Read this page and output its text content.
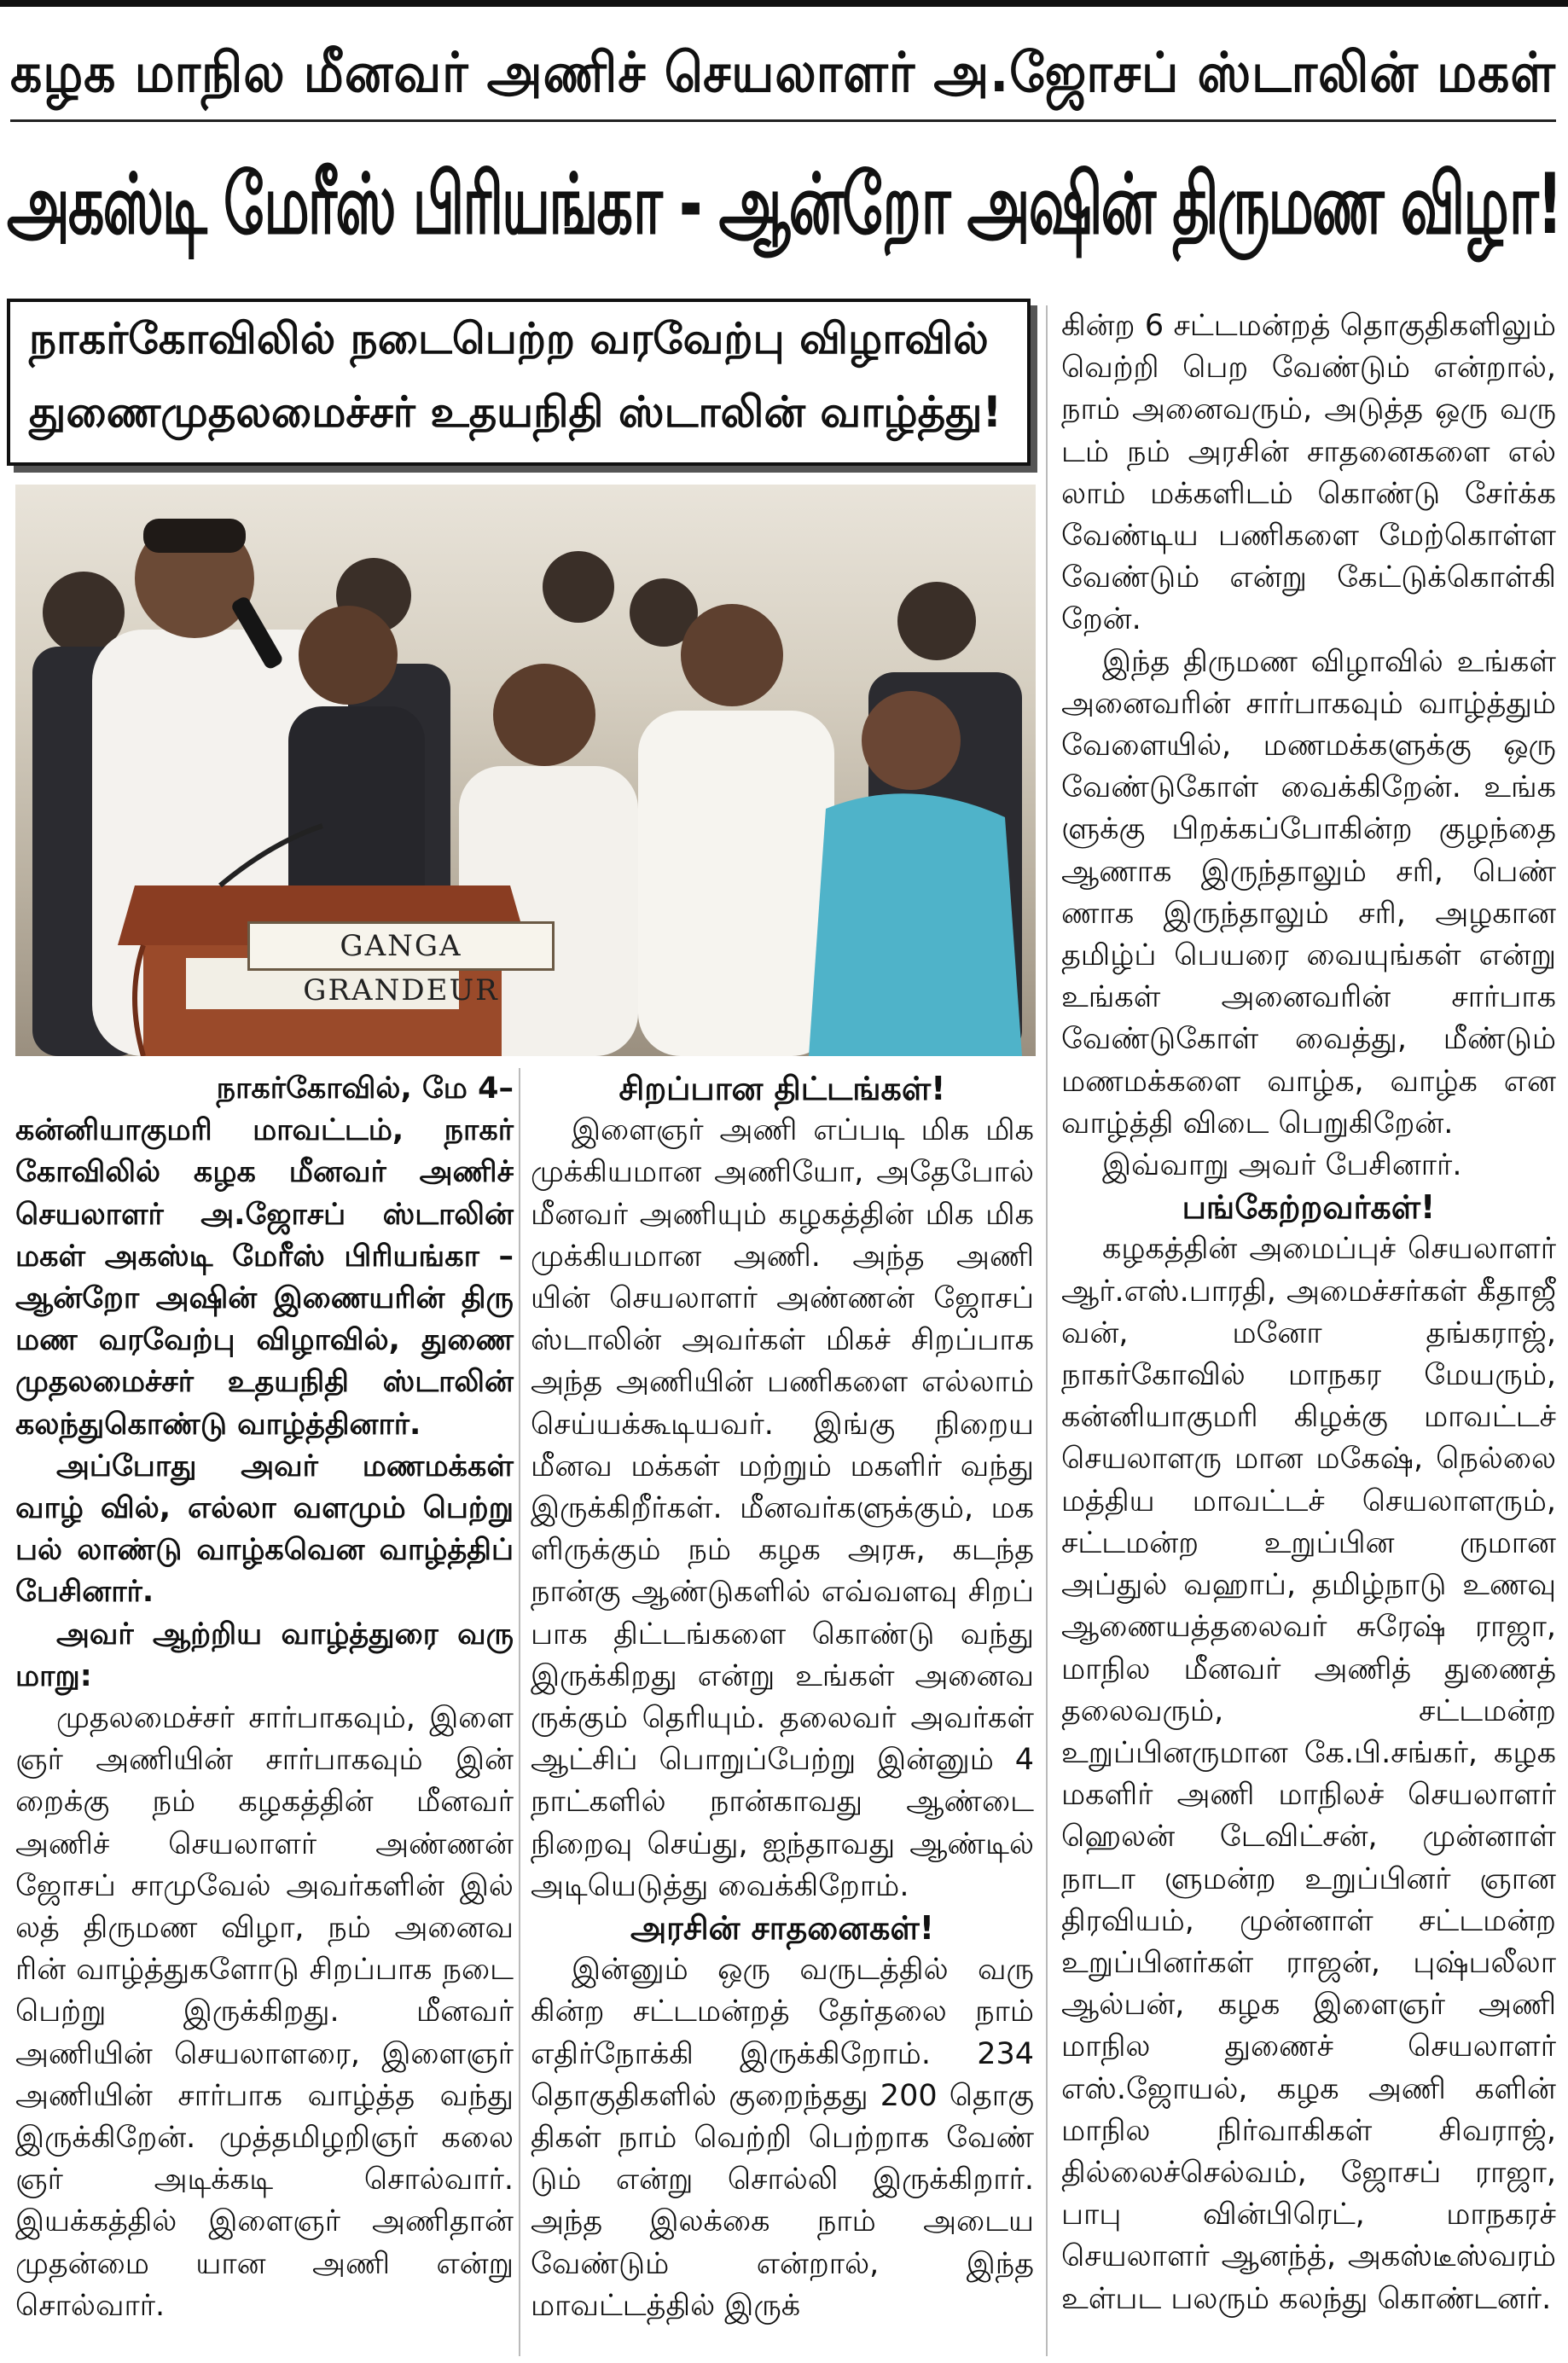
கழக மாநில மீனவர் அணிச் செயலாளர் அ.ஜோசப் ஸ்டாலின் மகள்
அகஸ்டி மேரீஸ் பிரியங்கா - ஆன்றோ அஷின் திருமண விழா!
நாகர்கோவிலில் நடைபெற்ற வரவேற்பு விழாவில்
துணைமுதலமைச்சர் உதயநிதி ஸ்டாலின் வாழ்த்து!
GANGA GRANDEUR

நாகர்கோவில், மே 4–

கன்னியாகுமரி மாவட்டம், நாகர் கோவிலில் கழக மீனவர் அணிச் செயலாளர் அ.ஜோசப் ஸ்டாலின் மகள் அகஸ்டி மேரீஸ் பிரியங்கா – ஆன்றோ அஷின் இணையரின் திரு மண வரவேற்பு விழாவில், துணை முதலமைச்சர் உதயநிதி ஸ்டாலின் கலந்துகொண்டு வாழ்த்தினார்.

அப்போது அவர் மணமக்கள் வாழ் வில், எல்லா வளமும் பெற்று பல் லாண்டு வாழ்கவென வாழ்த்திப் பேசினார்.

அவர் ஆற்றிய வாழ்த்துரை வரு மாறு:

முதலமைச்சர் சார்பாகவும், இளை ஞர் அணியின் சார்பாகவும் இன் றைக்கு நம் கழகத்தின் மீனவர் அணிச் செயலாளர் அண்ணன் ஜோசப் சாமுவேல் அவர்களின் இல் லத் திருமண விழா, நம் அனைவ ரின் வாழ்த்துகளோடு சிறப்பாக நடை பெற்று இருக்கிறது. மீனவர் அணியின் செயலாளரை, இளைஞர் அணியின் சார்பாக வாழ்த்த வந்து இருக்கிறேன். முத்தமிழறிஞர் கலை ஞர் அடிக்கடி சொல்வார். இயக்கத்தில் இளைஞர் அணிதான் முதன்மை யான அணி என்று சொல்வார்.

சிறப்பான திட்டங்கள்!

இளைஞர் அணி எப்படி மிக மிக முக்கியமான அணியோ, அதேபோல் மீனவர் அணியும் கழகத்தின் மிக மிக முக்கியமான அணி. அந்த அணி யின் செயலாளர் அண்ணன் ஜோசப் ஸ்டாலின் அவர்கள் மிகச் சிறப்பாக அந்த அணியின் பணிகளை எல்லாம் செய்யக்கூடியவர். இங்கு நிறைய மீனவ மக்கள் மற்றும் மகளிர் வந்து இருக்கிறீர்கள். மீனவர்களுக்கும், மக ளிருக்கும் நம் கழக அரசு, கடந்த நான்கு ஆண்டுகளில் எவ்வளவு சிறப் பாக திட்டங்களை கொண்டு வந்து இருக்கிறது என்று உங்கள் அனைவ ருக்கும் தெரியும். தலைவர் அவர்கள் ஆட்சிப் பொறுப்பேற்று இன்னும் 4 நாட்களில் நான்காவது ஆண்டை நிறைவு செய்து, ஐந்தாவது ஆண்டில் அடியெடுத்து வைக்கிறோம்.

அரசின் சாதனைகள்!

இன்னும் ஒரு வருடத்தில் வரு கின்ற சட்டமன்றத் தேர்தலை நாம் எதிர்நோக்கி இருக்கிறோம். 234 தொகுதிகளில் குறைந்தது 200 தொகு திகள் நாம் வெற்றி பெற்றாக வேண் டும் என்று சொல்லி இருக்கிறார். அந்த இலக்கை நாம் அடைய வேண்டும் என்றால், இந்த மாவட்டத்தில் இருக்

கின்ற 6 சட்டமன்றத் தொகுதிகளிலும் வெற்றி பெற வேண்டும் என்றால், நாம் அனைவரும், அடுத்த ஒரு வரு டம் நம் அரசின் சாதனைகளை எல் லாம் மக்களிடம் கொண்டு சேர்க்க வேண்டிய பணிகளை மேற்கொள்ள வேண்டும் என்று கேட்டுக்கொள்கி றேன்.

இந்த திருமண விழாவில் உங்கள் அனைவரின் சார்பாகவும் வாழ்த்தும் வேளையில், மணமக்களுக்கு ஒரு வேண்டுகோள் வைக்கிறேன். உங்க ளுக்கு பிறக்கப்போகின்ற குழந்தை ஆணாக இருந்தாலும் சரி, பெண் ணாக இருந்தாலும் சரி, அழகான தமிழ்ப் பெயரை வையுங்கள் என்று உங்கள் அனைவரின் சார்பாக வேண்டுகோள் வைத்து, மீண்டும் மணமக்களை வாழ்க, வாழ்க என வாழ்த்தி விடை பெறுகிறேன்.

இவ்வாறு அவர் பேசினார்.

பங்கேற்றவர்கள்!

கழகத்தின் அமைப்புச் செயலாளர் ஆர்.எஸ்.பாரதி, அமைச்சர்கள் கீதாஜீ வன், மனோ தங்கராஜ், நாகர்கோவில் மாநகர மேயரும், கன்னியாகுமரி கிழக்கு மாவட்டச் செயலாளரு மான மகேஷ், நெல்லை மத்திய மாவட்டச் செயலாளரும், சட்டமன்ற உறுப்பின ருமான அப்துல் வஹாப், தமிழ்நாடு உணவு ஆணையத்தலைவர் சுரேஷ் ராஜா, மாநில மீனவர் அணித் துணைத் தலைவரும், சட்டமன்ற உறுப்பினருமான கே.பி.சங்கர், கழக மகளிர் அணி மாநிலச் செயலாளர் ஹெலன் டேவிட்சன், முன்னாள் நாடா ளுமன்ற உறுப்பினர் ஞான திரவியம், முன்னாள் சட்டமன்ற உறுப்பினர்கள் ராஜன், புஷ்பலீலா ஆல்பன், கழக இளைஞர் அணி மாநில துணைச் செயலாளர் எஸ்.ஜோயல், கழக அணி களின் மாநில நிர்வாகிகள் சிவராஜ், தில்லைச்செல்வம், ஜோசப் ராஜா, பாபு வின்பிரெட், மாநகரச் செயலாளர் ஆனந்த், அகஸ்டீஸ்வரம் உள்பட பலரும் கலந்து கொண்டனர்.
